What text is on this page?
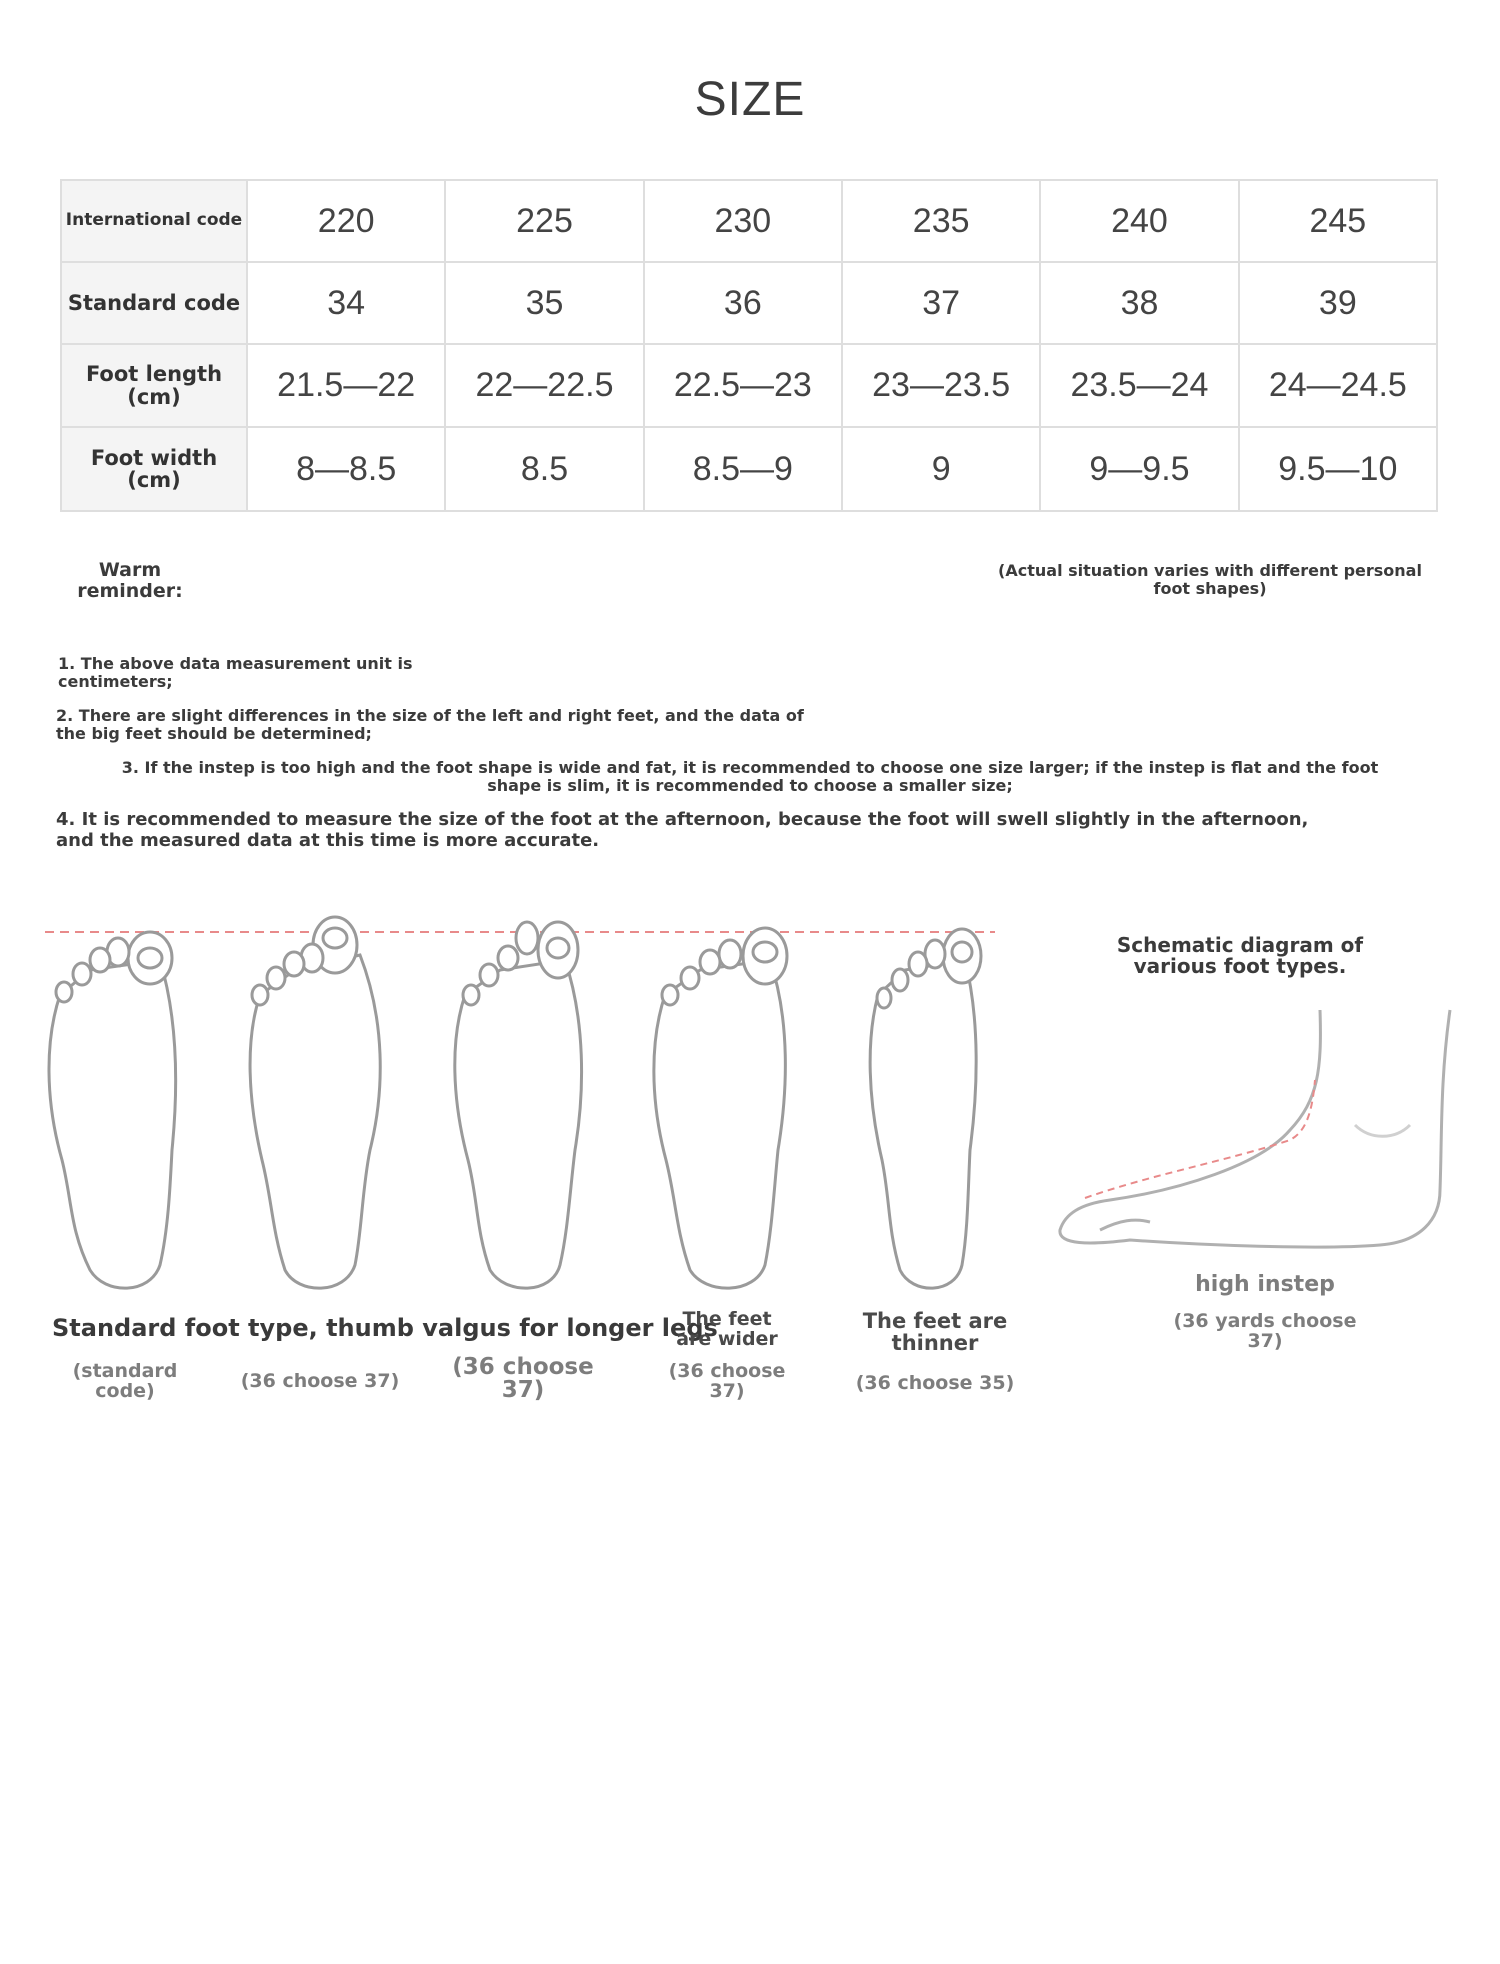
SIZE
International code	220	225	230	235	240	245
Standard code	34	35	36	37	38	39
Foot length (cm)	21.5—22	22—22.5	22.5—23	23—23.5	23.5—24	24—24.5
Foot width (cm)	8—8.5	8.5	8.5—9	9	9—9.5	9.5—10
Warm reminder:
(Actual situation varies with different personal foot shapes)
1. The above data measurement unit is centimeters;
2. There are slight differences in the size of the left and right feet, and the data of the big feet should be determined;
3. If the instep is too high and the foot shape is wide and fat, it is recommended to choose one size larger; if the instep is flat and the foot shape is slim, it is recommended to choose a smaller size;
4. It is recommended to measure the size of the foot at the afternoon, because the foot will swell slightly in the afternoon, and the measured data at this time is more accurate.
Schematic diagram of various foot types.
Standard foot type, thumb valgus for longer legs
(standard code)	(36 choose 37)
(36 choose 37)
The feet are wider
(36 choose 37)
The feet are thinner
(36 choose 35)
high instep
(36 yards choose 37)
